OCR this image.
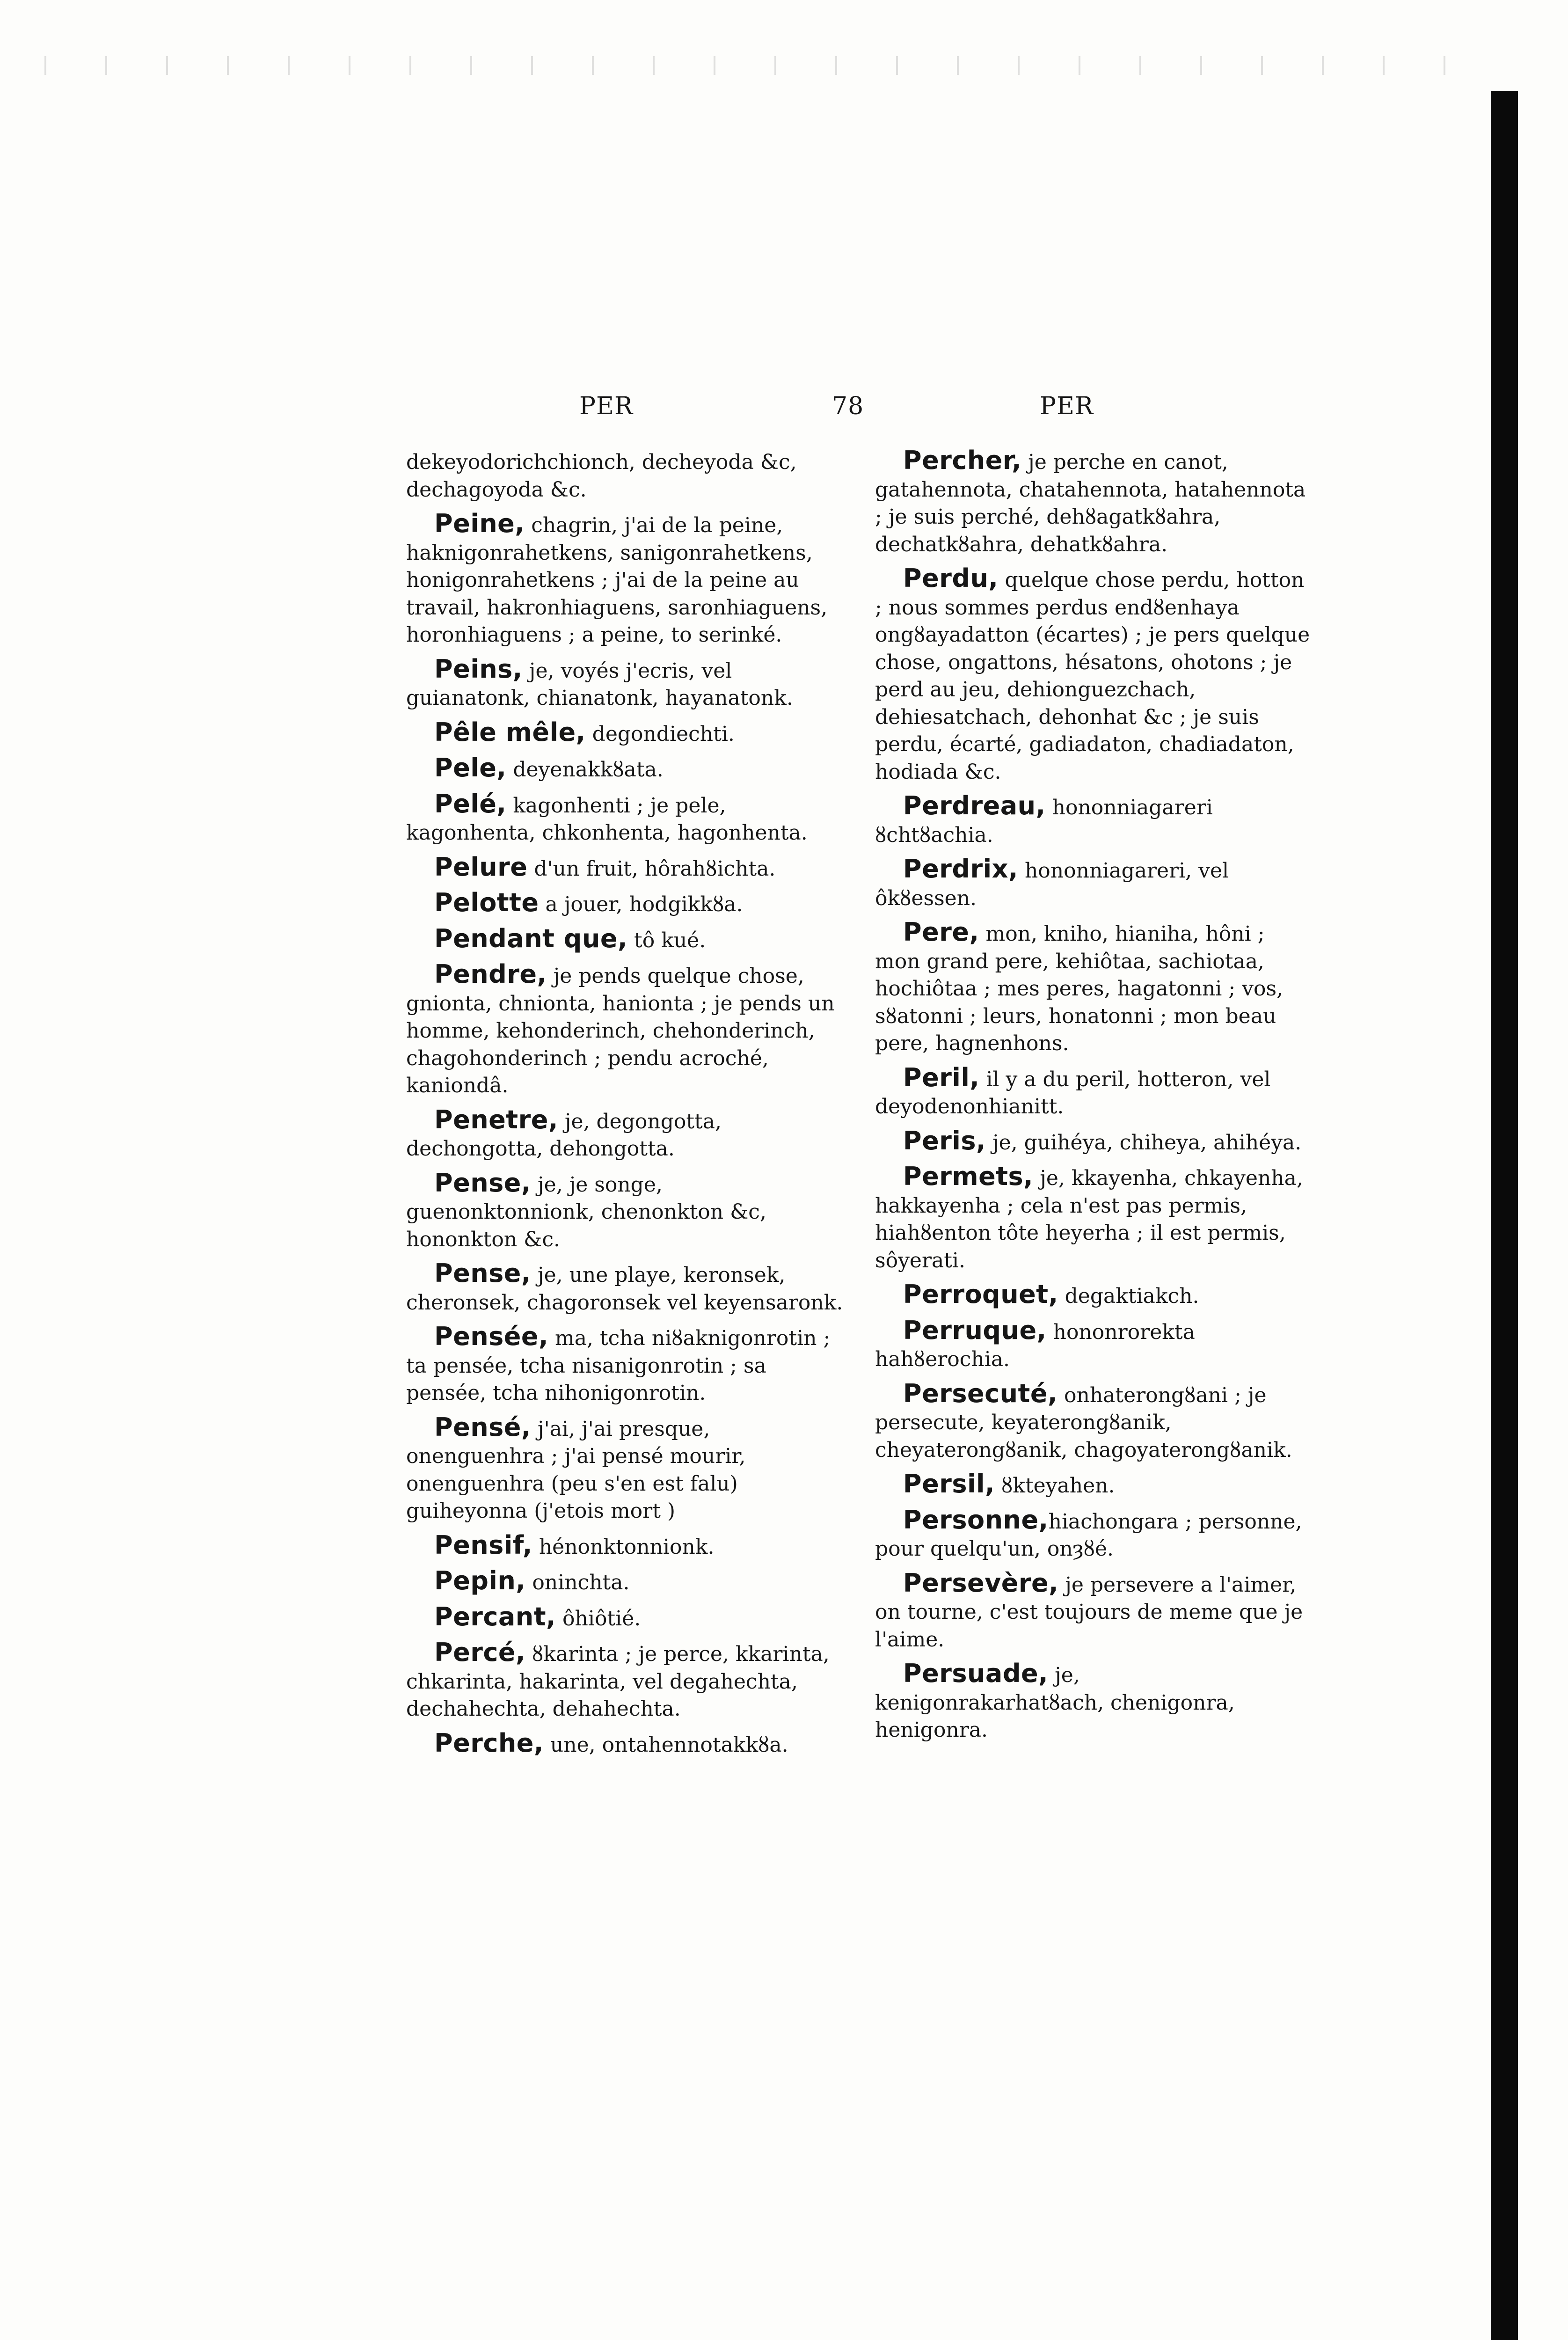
PER	78	PER

dekeyodorichchionch, decheyoda &c, dechagoyoda &c.

Peine, chagrin, j'ai de la peine, haknigonrahetkens, sanigonrahetkens, honigonrahetkens ; j'ai de la peine au travail, hakronhiaguens, saronhiaguens, horonhiaguens ; a peine, to serinké.

Peins, je, voyés j'ecris, vel guianatonk, chianatonk, hayanatonk.

Pêle mêle, degondiechti.

Pele, deyenakkȣata.

Pelé, kagonhenti ; je pele, kagonhenta, chkonhenta, hagonhenta.

Pelure d'un fruit, hôrahȣichta.

Pelotte a jouer, hodgikkȣa.

Pendant que, tô kué.

Pendre, je pends quelque chose, gnionta, chnionta, hanionta ; je pends un homme, kehonderinch, chehonderinch, chagohonderinch ; pendu acroché, kaniondâ.

Penetre, je, degongotta, dechongotta, dehongotta.

Pense, je, je songe, guenonktonnionk, chenonkton &c, hononkton &c.

Pense, je, une playe, keronsek, cheronsek, chagoronsek vel keyensaronk.

Pensée, ma, tcha niȣaknigonrotin ; ta pensée, tcha nisanigonrotin ; sa pensée, tcha nihonigonrotin.

Pensé, j'ai, j'ai presque, onenguenhra ; j'ai pensé mourir, onenguenhra (peu s'en est falu) guiheyonna (j'etois mort )

Pensif, hénonktonnionk.

Pepin, oninchta.

Percant, ôhiôtié.

Percé, ȣkarinta ; je perce, kkarinta, chkarinta, hakarinta, vel degahechta, dechahechta, dehahechta.

Perche, une, ontahennotakkȣa.

Percher, je perche en canot, gatahennota, chatahennota, hatahennota ; je suis perché, dehȣagatkȣahra, dechatkȣahra, dehatkȣahra.

Perdu, quelque chose perdu, hotton ; nous sommes perdus endȣenhaya ongȣayadatton (écartes) ; je pers quelque chose, ongattons, hésatons, ohotons ; je perd au jeu, dehionguezchach, dehiesatchach, dehonhat &c ; je suis perdu, écarté, gadiadaton, chadiadaton, hodiada &c.

Perdreau, hononniagareri ȣchtȣachia.

Perdrix, hononniagareri, vel ôkȣessen.

Pere, mon, kniho, hianiha, hôni ; mon grand pere, kehiôtaa, sachiotaa, hochiôtaa ; mes peres, hagatonni ; vos, sȣatonni ; leurs, honatonni ; mon beau pere, hagnenhons.

Peril, il y a du peril, hotteron, vel deyodenonhianitt.

Peris, je, guihéya, chiheya, ahihéya.

Permets, je, kkayenha, chkayenha, hakkayenha ; cela n'est pas permis, hiahȣenton tôte heyerha ; il est permis, sôyerati.

Perroquet, degaktiakch.

Perruque, hononrorekta hahȣerochia.

Persecuté, onhaterongȣani ; je persecute, keyaterongȣanik, cheyaterongȣanik, chagoyaterongȣanik.

Persil, ȣkteyahen.

Personne,hiachongara ; personne, pour quelqu'un, onȝȣé.

Persevère, je persevere a l'aimer, on tourne, c'est toujours de meme que je l'aime.

Persuade, je, kenigonrakarhatȣach, chenigonra, henigonra.
